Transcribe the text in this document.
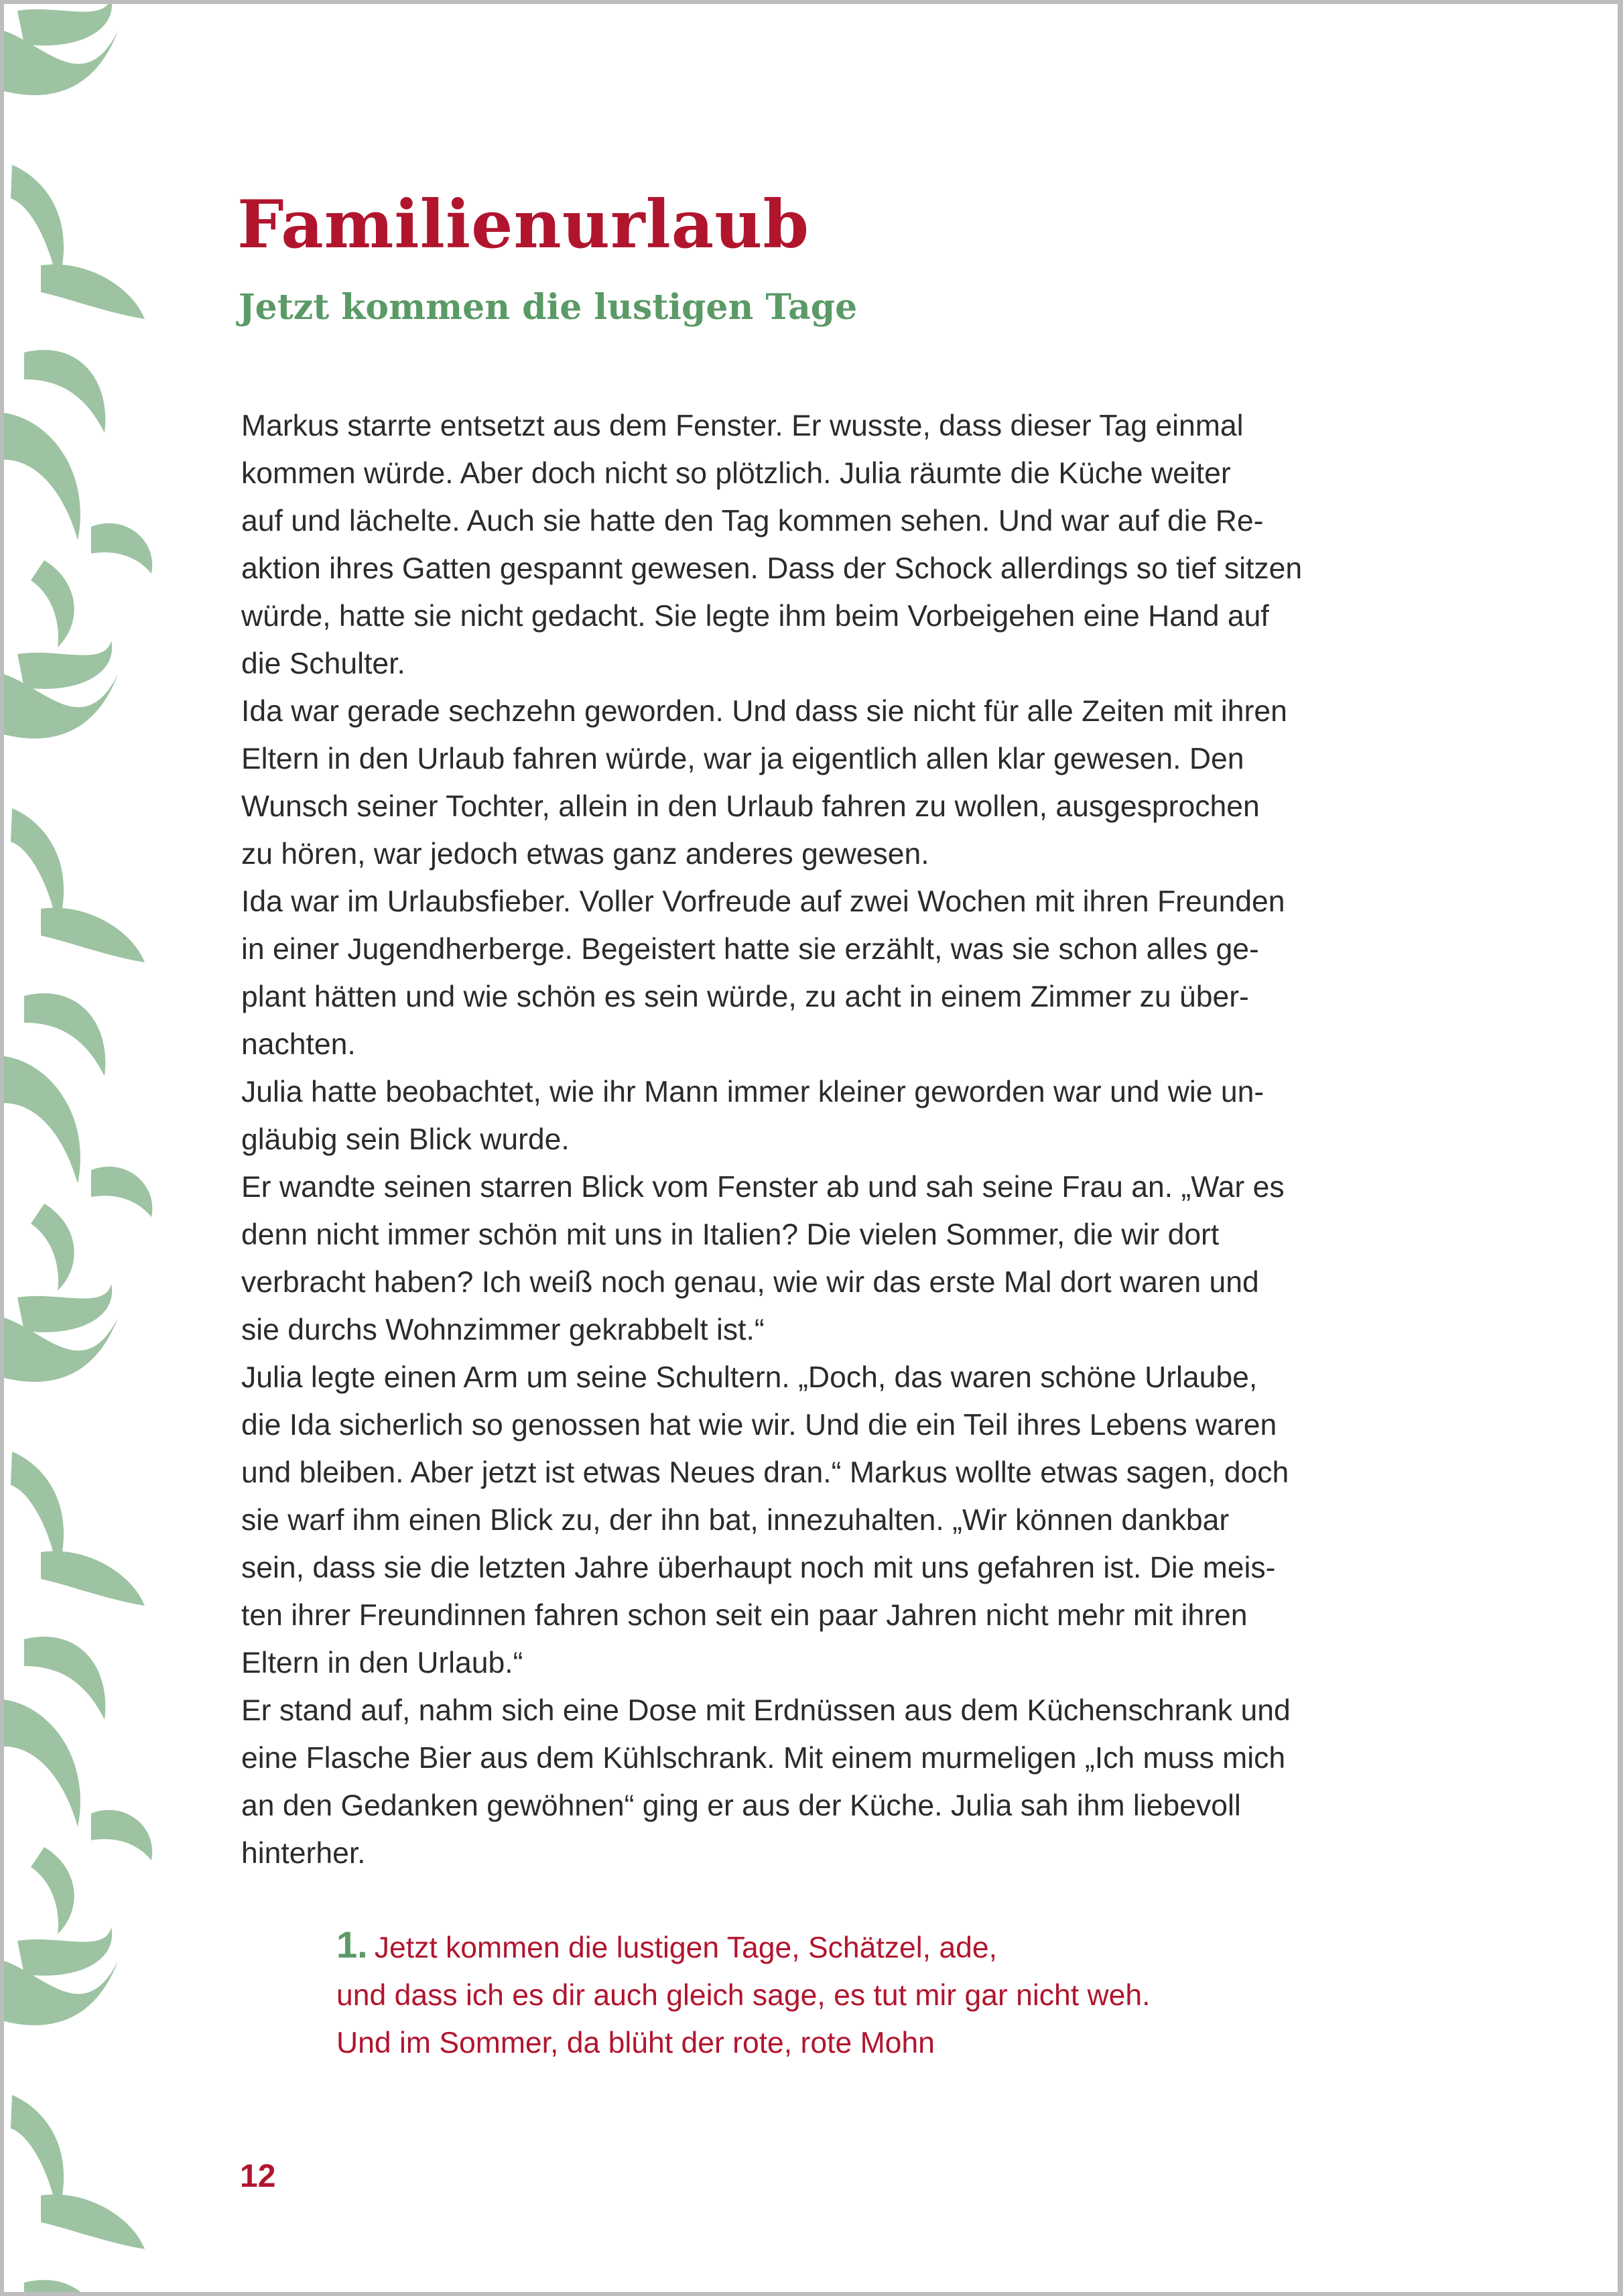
Familienurlaub
Jetzt kommen die lustigen Tage
Markus starrte entsetzt aus dem Fenster. Er wusste, dass dieser Tag einmal
kommen würde. Aber doch nicht so plötzlich. Julia räumte die Küche weiter
auf und lächelte. Auch sie hatte den Tag kommen sehen. Und war auf die Re-
aktion ihres Gatten gespannt gewesen. Dass der Schock allerdings so tief sitzen
würde, hatte sie nicht gedacht. Sie legte ihm beim Vorbeigehen eine Hand auf
die Schulter.
Ida war gerade sechzehn geworden. Und dass sie nicht für alle Zeiten mit ihren
Eltern in den Urlaub fahren würde, war ja eigentlich allen klar gewesen. Den
Wunsch seiner Tochter, allein in den Urlaub fahren zu wollen, ausgesprochen
zu hören, war jedoch etwas ganz anderes gewesen.
Ida war im Urlaubsfieber. Voller Vorfreude auf zwei Wochen mit ihren Freunden
in einer Jugendherberge. Begeistert hatte sie erzählt, was sie schon alles ge-
plant hätten und wie schön es sein würde, zu acht in einem Zimmer zu über-
nachten.
Julia hatte beobachtet, wie ihr Mann immer kleiner geworden war und wie un-
gläubig sein Blick wurde.
Er wandte seinen starren Blick vom Fenster ab und sah seine Frau an. „War es
denn nicht immer schön mit uns in Italien? Die vielen Sommer, die wir dort
verbracht haben? Ich weiß noch genau, wie wir das erste Mal dort waren und
sie durchs Wohnzimmer gekrabbelt ist.“
Julia legte einen Arm um seine Schultern. „Doch, das waren schöne Urlaube,
die Ida sicherlich so genossen hat wie wir. Und die ein Teil ihres Lebens waren
und bleiben. Aber jetzt ist etwas Neues dran.“ Markus wollte etwas sagen, doch
sie warf ihm einen Blick zu, der ihn bat, innezuhalten. „Wir können dankbar
sein, dass sie die letzten Jahre überhaupt noch mit uns gefahren ist. Die meis-
ten ihrer Freundinnen fahren schon seit ein paar Jahren nicht mehr mit ihren
Eltern in den Urlaub.“
Er stand auf, nahm sich eine Dose mit Erdnüssen aus dem Küchenschrank und
eine Flasche Bier aus dem Kühlschrank. Mit einem murmeligen „Ich muss mich
an den Gedanken gewöhnen“ ging er aus der Küche. Julia sah ihm liebevoll
hinterher.
1. Jetzt kommen die lustigen Tage, Schätzel, ade,
und dass ich es dir auch gleich sage, es tut mir gar nicht weh.
Und im Sommer, da blüht der rote, rote Mohn
12
